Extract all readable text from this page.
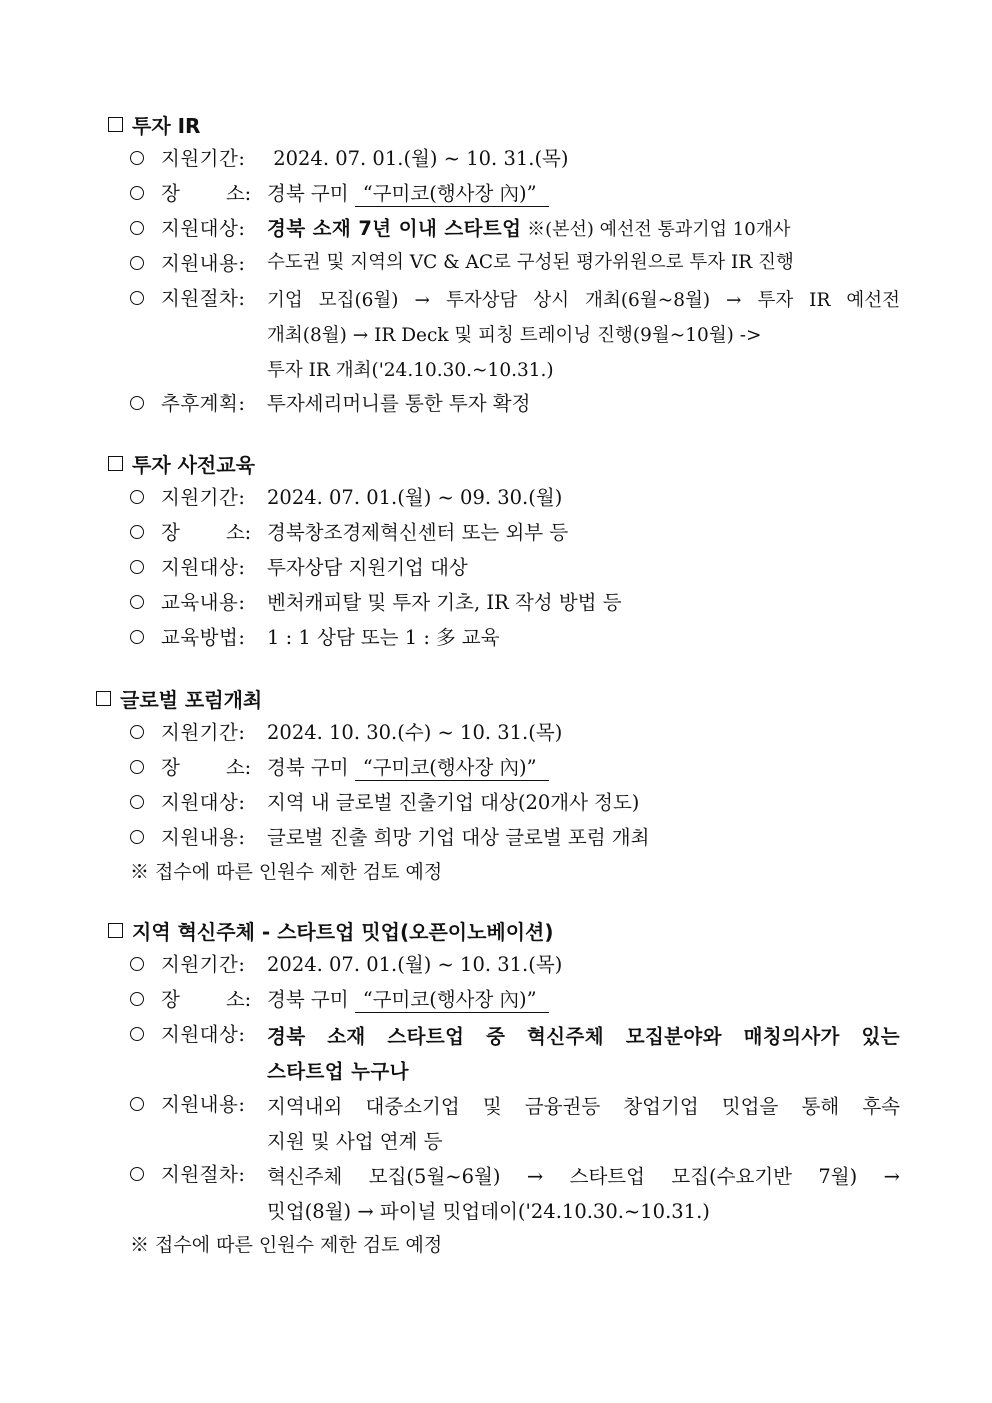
투자 IR
지원기간: 2024. 07. 01.(월) ~ 10. 31.(목)
장 소: 경북 구미 “구미코(행사장 內)”
지원대상: 경북 소재 7년 이내 스타트업 ※(본선) 예선전 통과기업 10개사
지원내용: 수도권 및 지역의 VC & AC로 구성된 평가위원으로 투자 IR 진행
지원절차: 기업 모집(6월) → 투자상담 상시 개최(6월~8월) → 투자 IR 예선전
개최(8월) → IR Deck 및 피칭 트레이닝 진행(9월~10월) ->
투자 IR 개최('24.10.30.~10.31.)
추후계획: 투자세리머니를 통한 투자 확정
투자 사전교육
지원기간: 2024. 07. 01.(월) ~ 09. 30.(월)
장 소: 경북창조경제혁신센터 또는 외부 등
지원대상: 투자상담 지원기업 대상
교육내용: 벤처캐피탈 및 투자 기초, IR 작성 방법 등
교육방법: 1 : 1 상담 또는 1 : 多 교육
글로벌 포럼개최
지원기간: 2024. 10. 30.(수) ~ 10. 31.(목)
장 소: 경북 구미 “구미코(행사장 內)”
지원대상: 지역 내 글로벌 진출기업 대상(20개사 정도)
지원내용: 글로벌 진출 희망 기업 대상 글로벌 포럼 개최
※ 접수에 따른 인원수 제한 검토 예정
지역 혁신주체 - 스타트업 밋업(오픈이노베이션)
지원기간: 2024. 07. 01.(월) ~ 10. 31.(목)
장 소: 경북 구미 “구미코(행사장 內)”
지원대상: 경북 소재 스타트업 중 혁신주체 모집분야와 매칭의사가 있는
스타트업 누구나
지원내용: 지역내외 대중소기업 및 금융권등 창업기업 밋업을 통해 후속
지원 및 사업 연계 등
지원절차: 혁신주체 모집(5월~6월) → 스타트업 모집(수요기반 7월) →
밋업(8월) → 파이널 밋업데이('24.10.30.~10.31.)
※ 접수에 따른 인원수 제한 검토 예정
